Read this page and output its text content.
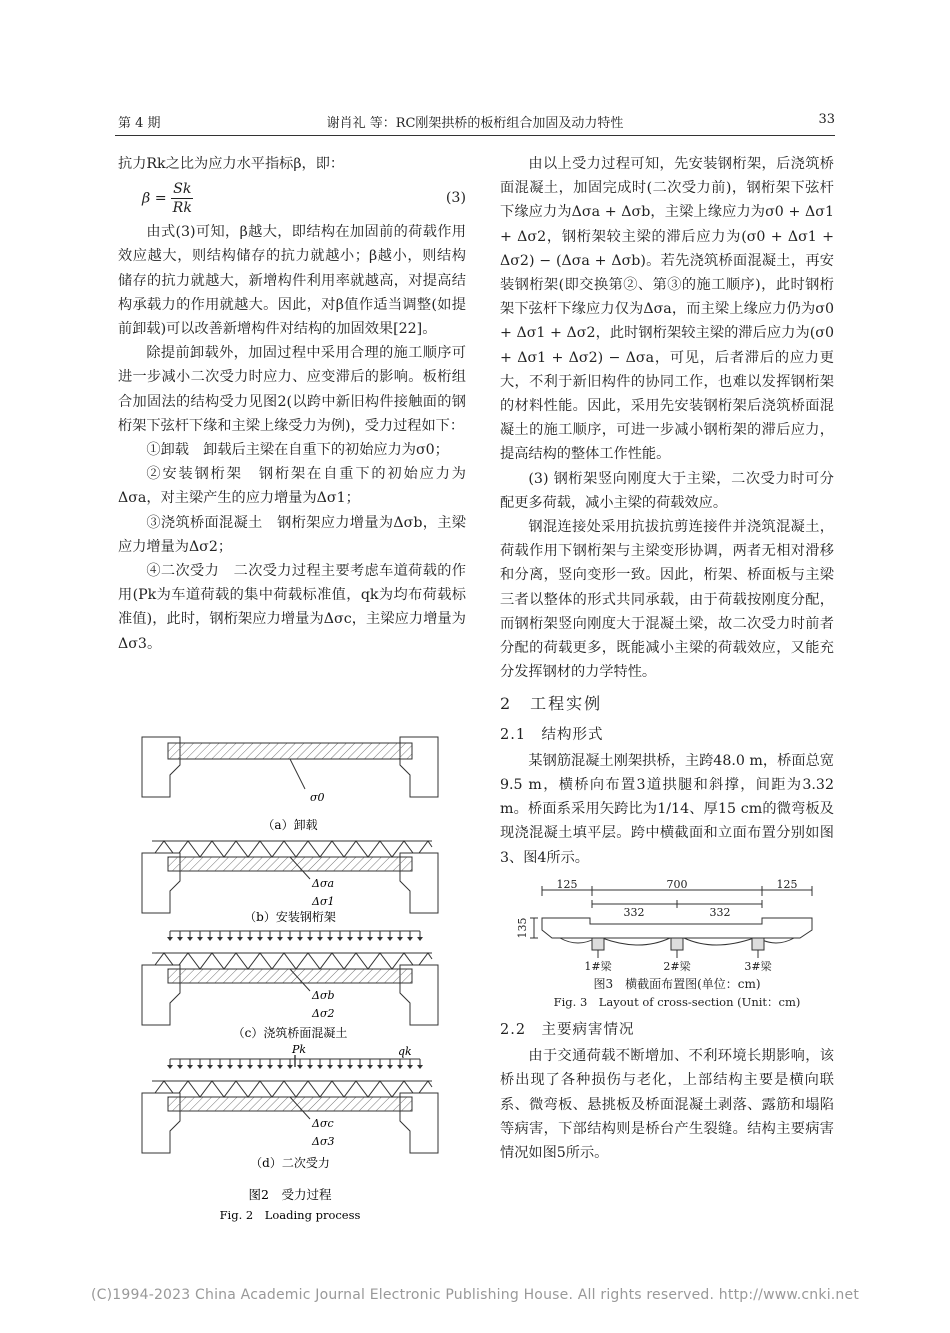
第 4 期	谢肖礼 等：RC刚架拱桥的板桁组合加固及动力特性	33

抗力Rk之比为应力水平指标β，即：

$\beta = \frac{Sk}{Rk}$	(3)

由式(3)可知，β越大，即结构在加固前的荷载作用效应越大，则结构储存的抗力就越小；β越小，则结构储存的抗力就越大，新增构件利用率就越高，对提高结构承载力的作用就越大。因此，对β值作适当调整(如提前卸载)可以改善新增构件对结构的加固效果[22]。

除提前卸载外，加固过程中采用合理的施工顺序可进一步减小二次受力时应力、应变滞后的影响。板桁组合加固法的结构受力见图2(以跨中新旧构件接触面的钢桁架下弦杆下缘和主梁上缘受力为例)，受力过程如下：

①卸载　卸载后主梁在自重下的初始应力为σ0；

②安装钢桁架　钢桁架在自重下的初始应力为Δσa，对主梁产生的应力增量为Δσ1；

③浇筑桥面混凝土　钢桁架应力增量为Δσb，主梁应力增量为Δσ2；

④二次受力　二次受力过程主要考虑车道荷载的作用(Pk为车道荷载的集中荷载标准值，qk为均布荷载标准值)，此时，钢桁架应力增量为Δσc，主梁应力增量为Δσ3。

σ0
（a）卸载
Δσa
Δσ1
（b）安装钢桁架
Δσb
Δσ2
（c）浇筑桥面混凝土
Pk	qk
Δσc
Δσ3
（d）二次受力
图2　受力过程
Fig. 2　Loading process

由以上受力过程可知，先安装钢桁架，后浇筑桥面混凝土，加固完成时(二次受力前)，钢桁架下弦杆下缘应力为Δσa + Δσb，主梁上缘应力为σ0 + Δσ1 + Δσ2，钢桁架较主梁的滞后应力为(σ0 + Δσ1 + Δσ2) − (Δσa + Δσb)。若先浇筑桥面混凝土，再安装钢桁架(即交换第②、第③的施工顺序)，此时钢桁架下弦杆下缘应力仅为Δσa，而主梁上缘应力仍为σ0 + Δσ1 + Δσ2，此时钢桁架较主梁的滞后应力为(σ0 + Δσ1 + Δσ2) − Δσa，可见，后者滞后的应力更大，不利于新旧构件的协同工作，也难以发挥钢桁架的材料性能。因此，采用先安装钢桁架后浇筑桥面混凝土的施工顺序，可进一步减小钢桁架的滞后应力，提高结构的整体工作性能。

(3) 钢桁架竖向刚度大于主梁，二次受力时可分配更多荷载，减小主梁的荷载效应。

钢混连接处采用抗拔抗剪连接件并浇筑混凝土，荷载作用下钢桁架与主梁变形协调，两者无相对滑移和分离，竖向变形一致。因此，桁架、桥面板与主梁三者以整体的形式共同承载，由于荷载按刚度分配，而钢桁架竖向刚度大于混凝土梁，故二次受力时前者分配的荷载更多，既能减小主梁的荷载效应，又能充分发挥钢材的力学特性。

2　工程实例
2.1　结构形式

某钢筋混凝土刚架拱桥，主跨48.0 m，桥面总宽9.5 m，横桥向布置3道拱腿和斜撑，间距为3.32 m。桥面系采用矢跨比为1/14、厚15 cm的微弯板及现浇混凝土填平层。跨中横截面和立面布置分别如图3、图4所示。

125	700	125
332	332
135
1#梁	2#梁	3#梁
图3　横截面布置图(单位：cm)
Fig. 3　Layout of cross-section (Unit：cm)
2.2　主要病害情况

由于交通荷载不断增加、不利环境长期影响，该桥出现了各种损伤与老化，上部结构主要是横向联系、微弯板、悬挑板及桥面混凝土剥落、露筋和塌陷等病害，下部结构则是桥台产生裂缝。结构主要病害情况如图5所示。

(C)1994-2023 China Academic Journal Electronic Publishing House. All rights reserved. http://www.cnki.net
